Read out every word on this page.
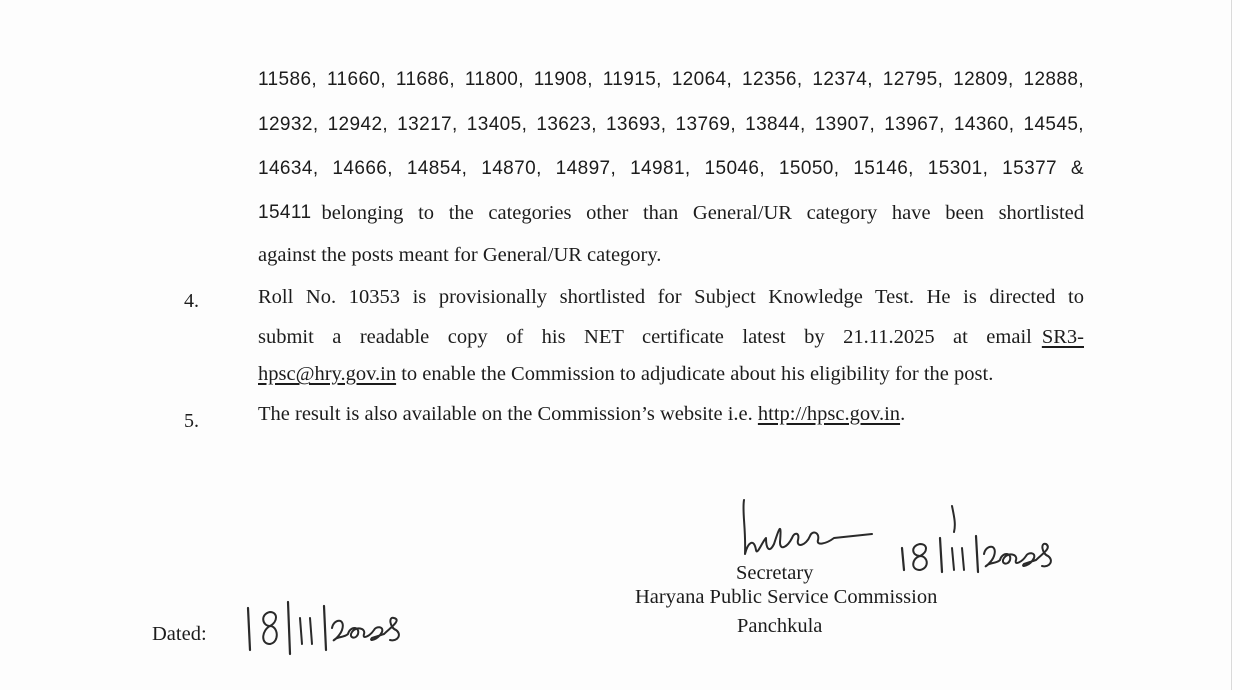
11586, 11660, 11686, 11800, 11908, 11915, 12064, 12356, 12374, 12795, 12809, 12888,
12932, 12942, 13217, 13405, 13623, 13693, 13769, 13844, 13907, 13967, 14360, 14545,
14634, 14666, 14854, 14870, 14897, 14981, 15046, 15050, 15146, 15301, 15377 &
15411 belonging to the categories other than General/UR category have been shortlisted
against the posts meant for General/UR category.
4.	Roll No. 10353 is provisionally shortlisted for Subject Knowledge Test. He is directed to
submit a readable copy of his NET certificate latest by 21.11.2025 at email SR3-
hpsc@hry.gov.in to enable the Commission to adjudicate about his eligibility for the post.
5.	The result is also available on the Commission’s website i.e. http://hpsc.gov.in.
Secretary
Haryana Public Service Commission
Panchkula
Dated:
